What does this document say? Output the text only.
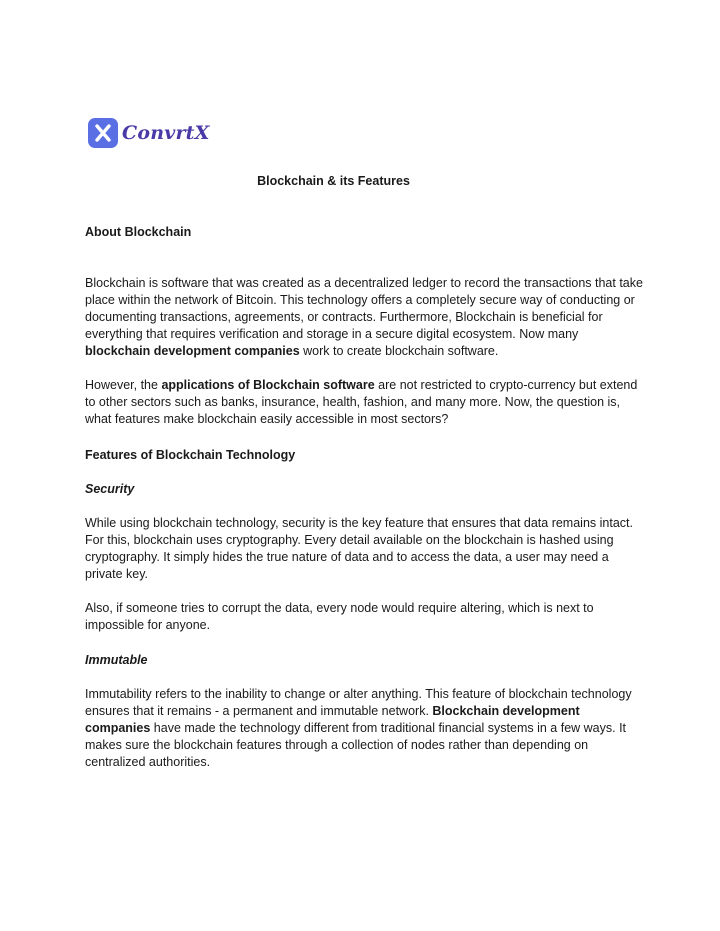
ConvrtX
Blockchain & its Features
About Blockchain

Blockchain is software that was created as a decentralized ledger to record the transactions that take place within the network of Bitcoin. This technology offers a completely secure way of conducting or documenting transactions, agreements, or contracts. Furthermore, Blockchain is beneficial for everything that requires verification and storage in a secure digital ecosystem. Now many blockchain development companies work to create blockchain software.

However, the applications of Blockchain software are not restricted to crypto-currency but extend to other sectors such as banks, insurance, health, fashion, and many more. Now, the question is, what features make blockchain easily accessible in most sectors?

Features of Blockchain Technology
Security

While using blockchain technology, security is the key feature that ensures that data remains intact. For this, blockchain uses cryptography. Every detail available on the blockchain is hashed using cryptography. It simply hides the true nature of data and to access the data, a user may need a private key.

Also, if someone tries to corrupt the data, every node would require altering, which is next to impossible for anyone.

Immutable

Immutability refers to the inability to change or alter anything. This feature of blockchain technology ensures that it remains - a permanent and immutable network. Blockchain development companies have made the technology different from traditional financial systems in a few ways. It makes sure the blockchain features through a collection of nodes rather than depending on centralized authorities.
